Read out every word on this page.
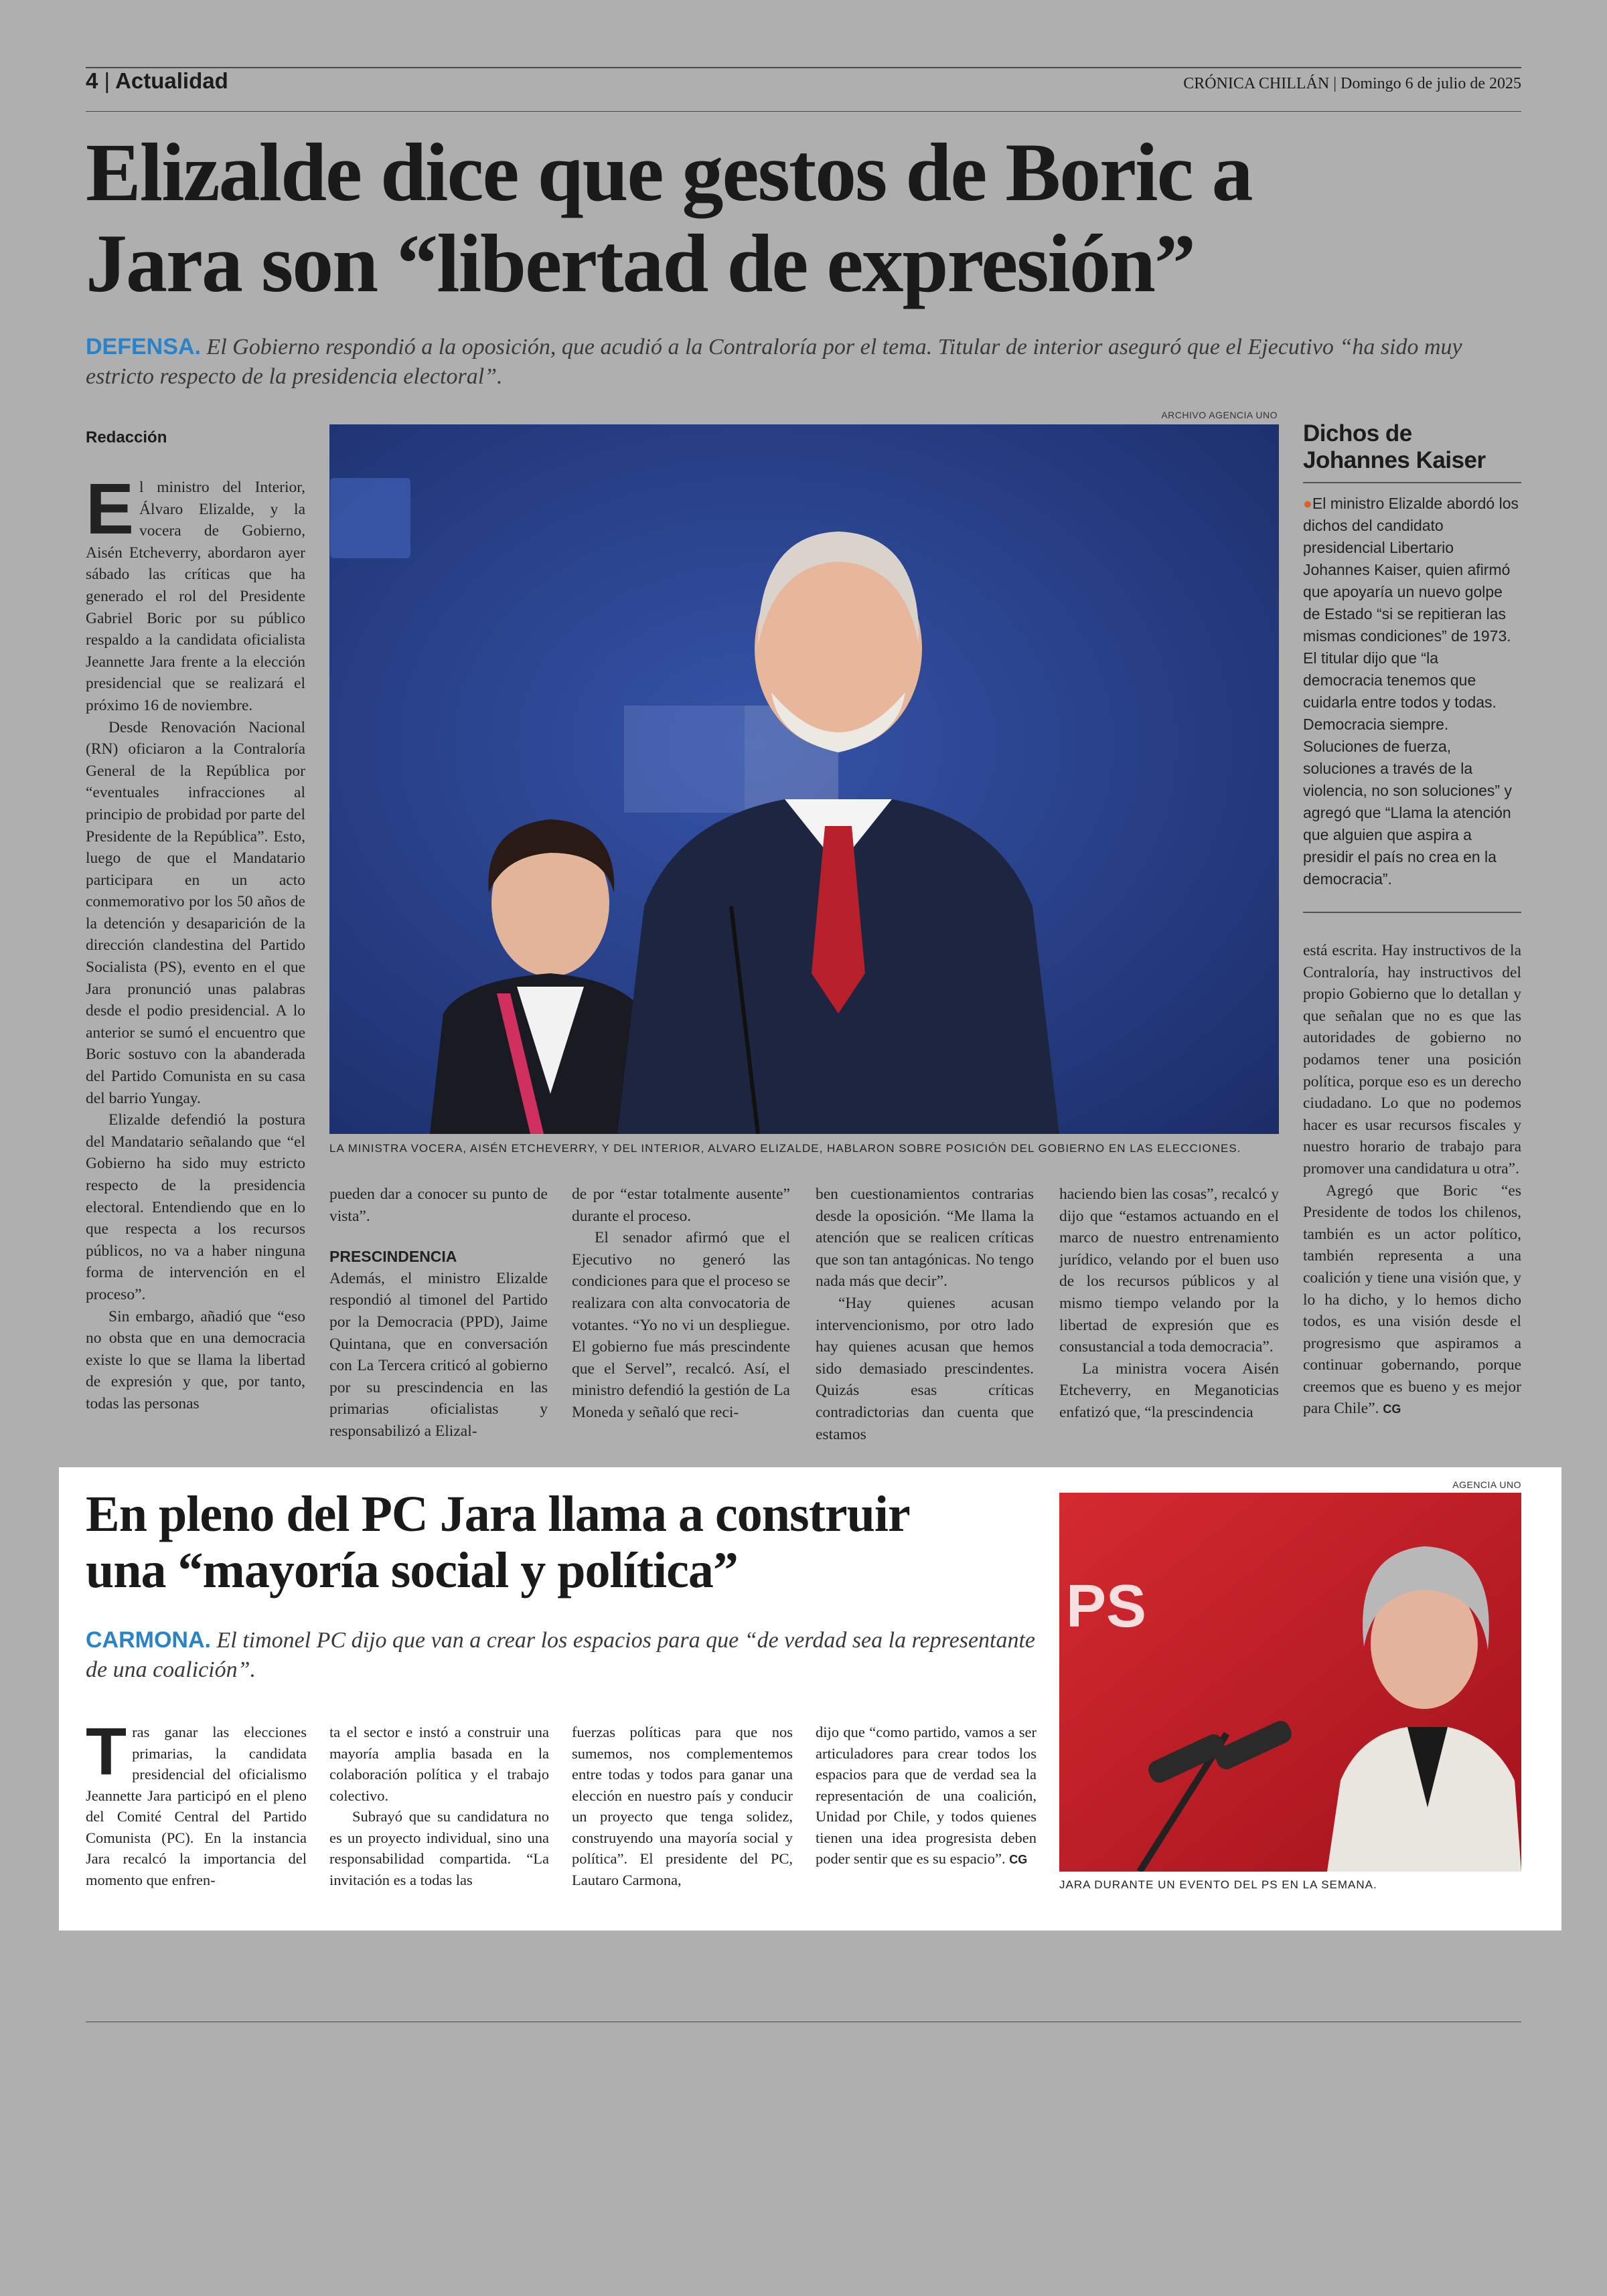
4 | Actualidad	CRÓNICA CHILLÁN | Domingo 6 de julio de 2025
Elizalde dice que gestos de Boric a
Jara son “libertad de expresión”
DEFENSA. El Gobierno respondió a la oposición, que acudió a la Contraloría por el tema. Titular de interior aseguró que el Ejecutivo “ha sido muy estricto respecto de la presidencia electoral”.
Redacción
ARCHIVO AGENCIA UNO
LA MINISTRA VOCERA, AISÉN ETCHEVERRY, Y DEL INTERIOR, ALVARO ELIZALDE, HABLARON SOBRE POSICIÓN DEL GOBIERNO EN LAS ELECCIONES.

El ministro del Interior, Álvaro Elizalde, y la vocera de Gobierno, Aisén Etcheverry, abordaron ayer sábado las críticas que ha generado el rol del Presidente Gabriel Boric por su público respaldo a la candidata oficialista Jeannette Jara frente a la elección presidencial que se realizará el próximo 16 de noviembre.

Desde Renovación Nacional (RN) oficiaron a la Contraloría General de la República por “eventuales infracciones al principio de probidad por parte del Presidente de la República”. Esto, luego de que el Mandatario participara en un acto conmemorativo por los 50 años de la detención y desaparición de la dirección clandestina del Partido Socialista (PS), evento en el que Jara pronunció unas palabras desde el podio presidencial. A lo anterior se sumó el encuentro que Boric sostuvo con la abanderada del Partido Comunista en su casa del barrio Yungay.

Elizalde defendió la postura del Mandatario señalando que “el Gobierno ha sido muy estricto respecto de la presidencia electoral. Entendiendo que en lo que respecta a los recursos públicos, no va a haber ninguna forma de intervención en el proceso”.

Sin embargo, añadió que “eso no obsta que en una democracia existe lo que se llama la libertad de expresión y que, por tanto, todas las personas

pueden dar a conocer su punto de vista”.

PRESCINDENCIA

Además, el ministro Elizalde respondió al timonel del Partido por la Democracia (PPD), Jaime Quintana, que en conversación con La Tercera criticó al gobierno por su prescindencia en las primarias oficialistas y responsabilizó a Elizal-

de por “estar totalmente ausente” durante el proceso.

El senador afirmó que el Ejecutivo no generó las condiciones para que el proceso se realizara con alta convocatoria de votantes. “Yo no vi un despliegue. El gobierno fue más prescindente que el Servel”, recalcó. Así, el ministro defendió la gestión de La Moneda y señaló que reci-

ben cuestionamientos contrarias desde la oposición. “Me llama la atención que se realicen críticas que son tan antagónicas. No tengo nada más que decir”.

“Hay quienes acusan intervencionismo, por otro lado hay quienes acusan que hemos sido demasiado prescindentes. Quizás esas críticas contradictorias dan cuenta que estamos

haciendo bien las cosas”, recalcó y dijo que “estamos actuando en el marco de nuestro entrenamiento jurídico, velando por el buen uso de los recursos públicos y al mismo tiempo velando por la libertad de expresión que es consustancial a toda democracia”.

La ministra vocera Aisén Etcheverry, en Meganoticias enfatizó que, “la prescindencia

Dichos de
Johannes Kaiser

●El ministro Elizalde abordó los dichos del candidato presidencial Libertario Johannes Kaiser, quien afirmó que apoyaría un nuevo golpe de Estado “si se repitieran las mismas condiciones” de 1973. El titular dijo que “la democracia tenemos que cuidarla entre todos y todas. Democracia siempre. Soluciones de fuerza, soluciones a través de la violencia, no son soluciones” y agregó que “Llama la atención que alguien que aspira a presidir el país no crea en la democracia”.

está escrita. Hay instructivos de la Contraloría, hay instructivos del propio Gobierno que lo detallan y que señalan que no es que las autoridades de gobierno no podamos tener una posición política, porque eso es un derecho ciudadano. Lo que no podemos hacer es usar recursos fiscales y nuestro horario de trabajo para promover una candidatura u otra”.

Agregó que Boric “es Presidente de todos los chilenos, también es un actor político, también representa a una coalición y tiene una visión que, y lo ha dicho, y lo hemos dicho todos, es una visión desde el progresismo que aspiramos a continuar gobernando, porque creemos que es bueno y es mejor para Chile”. CG

En pleno del PC Jara llama a construir
una “mayoría social y política”
CARMONA. El timonel PC dijo que van a crear los espacios para que “de verdad sea la representante de una coalición”.

Tras ganar las elecciones primarias, la candidata presidencial del oficialismo Jeannette Jara participó en el pleno del Comité Central del Partido Comunista (PC). En la instancia Jara recalcó la importancia del momento que enfren-

ta el sector e instó a construir una mayoría amplia basada en la colaboración política y el trabajo colectivo.

Subrayó que su candidatura no es un proyecto individual, sino una responsabilidad compartida. “La invitación es a todas las

fuerzas políticas para que nos sumemos, nos complementemos entre todas y todos para ganar una elección en nuestro país y conducir un proyecto que tenga solidez, construyendo una mayoría social y política”. El presidente del PC, Lautaro Carmona,

dijo que “como partido, vamos a ser articuladores para crear todos los espacios para que de verdad sea la representación de una coalición, Unidad por Chile, y todos quienes tienen una idea progresista deben poder sentir que es su espacio”. CG

AGENCIA UNO
PS
JARA DURANTE UN EVENTO DEL PS EN LA SEMANA.
